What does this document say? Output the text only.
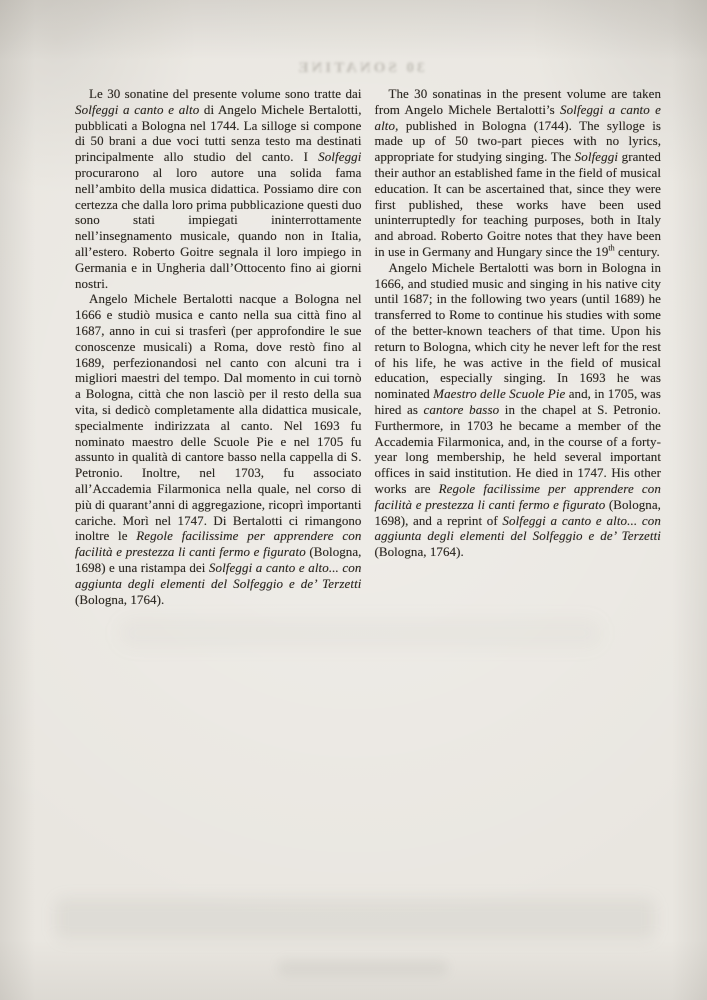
30 SONATINE

Le 30 sonatine del presente volume sono tratte dai Solfeggi a canto e alto di Angelo Michele Bertalotti, pubblicati a Bologna nel 1744. La silloge si compone di 50 brani a due voci tutti senza testo ma destinati principalmente allo studio del canto. I Solfeggi procurarono al loro autore una solida fama nell’ambito della musica didattica. Possiamo dire con certezza che dalla loro prima pubblicazione questi duo sono stati impiegati ininterrottamente nell’insegnamento musicale, quando non in Italia, all’estero. Roberto Goitre segnala il loro impiego in Germania e in Ungheria dall’Ottocento fino ai giorni nostri.

Angelo Michele Bertalotti nacque a Bologna nel 1666 e studiò musica e canto nella sua città fino al 1687, anno in cui si trasferì (per approfondire le sue conoscenze musicali) a Roma, dove restò fino al 1689, perfezionandosi nel canto con alcuni tra i migliori maestri del tempo. Dal momento in cui tornò a Bologna, città che non lasciò per il resto della sua vita, si dedicò completamente alla didattica musicale, specialmente indirizzata al canto. Nel 1693 fu nominato maestro delle Scuole Pie e nel 1705 fu assunto in qualità di cantore basso nella cappella di S. Petronio. Inoltre, nel 1703, fu associato all’Accademia Filarmonica nella quale, nel corso di più di quarant’anni di aggregazione, ricoprì importanti cariche. Morì nel 1747. Di Bertalotti ci rimangono inoltre le Regole facilissime per apprendere con facilità e prestezza li canti fermo e figurato (Bologna, 1698) e una ristampa dei Solfeggi a canto e alto... con aggiunta degli elementi del Solfeggio e de’ Terzetti (Bologna, 1764).

The 30 sonatinas in the present volume are taken from Angelo Michele Bertalotti’s Solfeggi a canto e alto, published in Bologna (1744). The sylloge is made up of 50 two-part pieces with no lyrics, appropriate for studying singing. The Solfeggi granted their author an established fame in the field of musical education. It can be ascertained that, since they were first published, these works have been used uninterruptedly for teaching purposes, both in Italy and abroad. Roberto Goitre notes that they have been in use in Germany and Hungary since the 19th century.

Angelo Michele Bertalotti was born in Bologna in 1666, and studied music and singing in his native city until 1687; in the following two years (until 1689) he transferred to Rome to continue his studies with some of the better-known teachers of that time. Upon his return to Bologna, which city he never left for the rest of his life, he was active in the field of musical education, especially singing. In 1693 he was nominated Maestro delle Scuole Pie and, in 1705, was hired as cantore basso in the chapel at S. Petronio. Furthermore, in 1703 he became a member of the Accademia Filarmonica, and, in the course of a forty-year long membership, he held several important offices in said institution. He died in 1747. His other works are Regole facilissime per apprendere con facilità e prestezza li canti fermo e figurato (Bologna, 1698), and a reprint of Solfeggi a canto e alto... con aggiunta degli elementi del Solfeggio e de’ Terzetti (Bologna, 1764).
